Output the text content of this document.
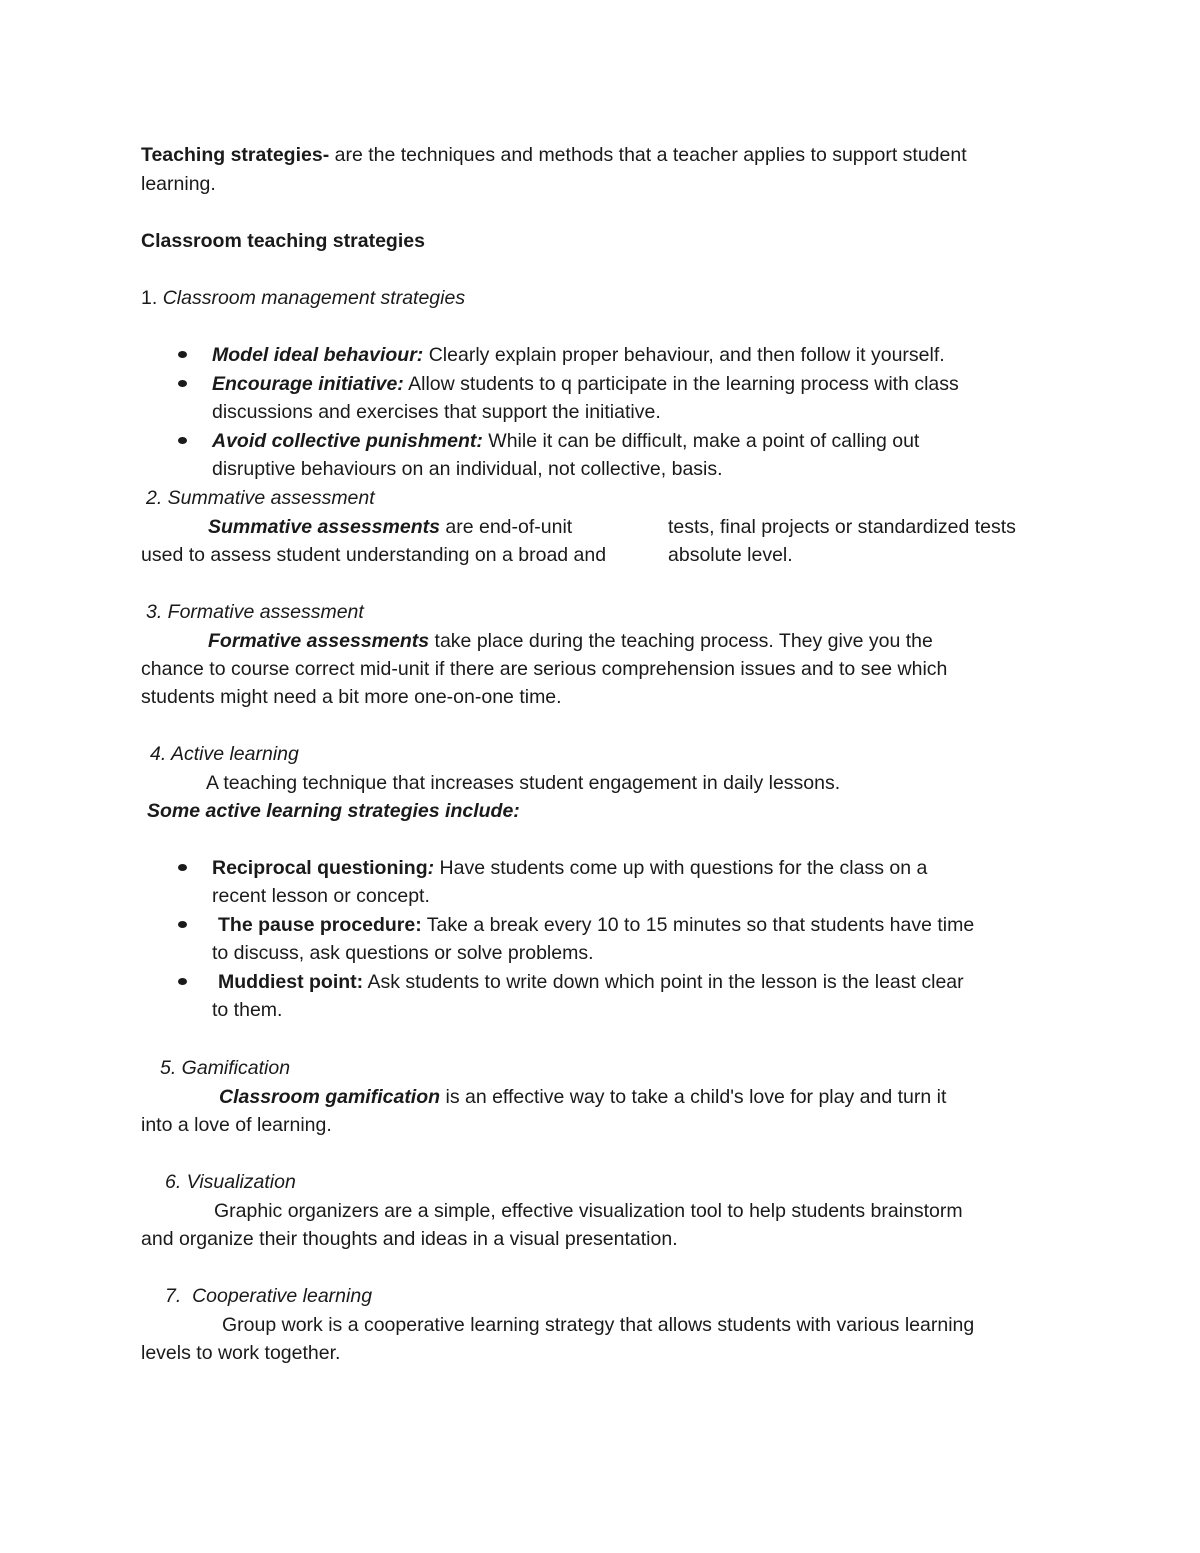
Teaching strategies- are the techniques and methods that a teacher applies to support student
learning.
Classroom teaching strategies
1. Classroom management strategies
Model ideal behaviour: Clearly explain proper behaviour, and then follow it yourself.
Encourage initiative: Allow students to q participate in the learning process with class
discussions and exercises that support the initiative.
Avoid collective punishment: While it can be difficult, make a point of calling out
disruptive behaviours on an individual, not collective, basis.
2. Summative assessment
Summative assessments are end-of-unit	tests, final projects or standardized tests
used to assess student understanding on a broad and	absolute level.
3. Formative assessment
Formative assessments take place during the teaching process. They give you the
chance to course correct mid-unit if there are serious comprehension issues and to see which
students might need a bit more one-on-one time.
4. Active learning
A teaching technique that increases student engagement in daily lessons.
Some active learning strategies include:
Reciprocal questioning: Have students come up with questions for the class on a
recent lesson or concept.
The pause procedure: Take a break every 10 to 15 minutes so that students have time
to discuss, ask questions or solve problems.
Muddiest point: Ask students to write down which point in the lesson is the least clear
to them.
5. Gamification
Classroom gamification is an effective way to take a child's love for play and turn it
into a love of learning.
6. Visualization
Graphic organizers are a simple, effective visualization tool to help students brainstorm
and organize their thoughts and ideas in a visual presentation.
7.  Cooperative learning
Group work is a cooperative learning strategy that allows students with various learning
levels to work together.
